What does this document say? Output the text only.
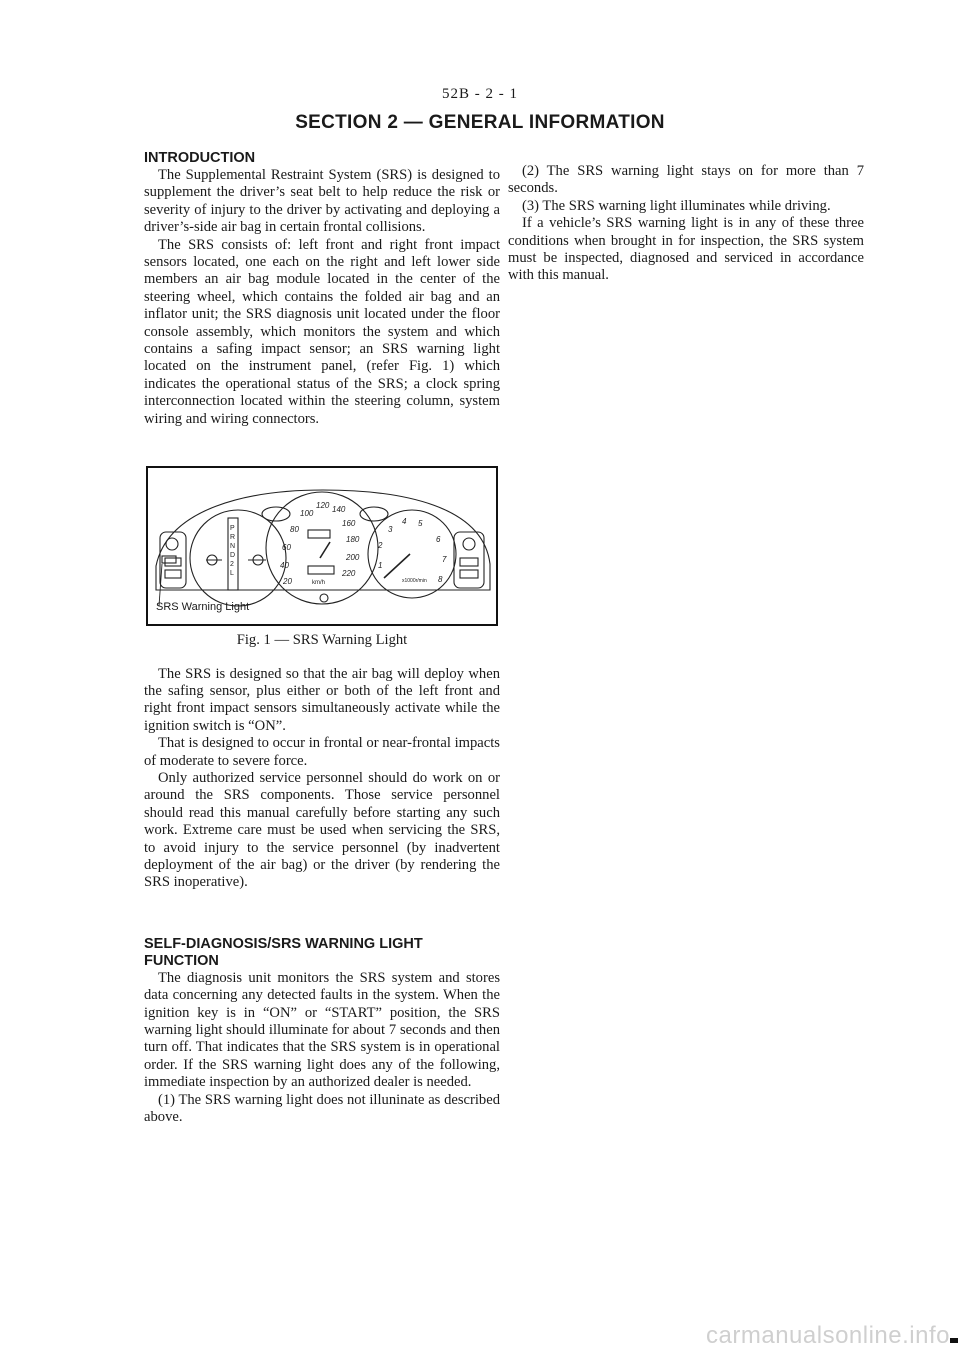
52B - 2 - 1
SECTION 2 — GENERAL INFORMATION
INTRODUCTION

The Supplemental Restraint System (SRS) is designed to supplement the driver’s seat belt to help reduce the risk or severity of injury to the driver by activating and deploying a driver’s-side air bag in certain frontal collisions.

The SRS consists of: left front and right front impact sensors located, one each on the right and left lower side members an air bag module located in the center of the steering wheel, which contains the folded air bag and an inflator unit; the SRS diagnosis unit located under the floor console assembly, which monitors the system and which contains a safing impact sensor; an SRS warning light located on the instrument panel, (refer Fig. 1) which indicates the operational status of the SRS; a clock spring interconnection located within the steering column, system wiring and wiring connectors.

P
R
N
D
2
L
20
40
60
80
100
120 140
160
180
200
220
km/h
1
2
3
4 5
6
7
8
x1000r/min
SRS Warning Light
Fig. 1 — SRS Warning Light

The SRS is designed so that the air bag will deploy when the safing sensor, plus either or both of the left front and right front impact sensors simultaneously activate while the ignition switch is “ON”.

That is designed to occur in frontal or near-frontal impacts of moderate to severe force.

Only authorized service personnel should do work on or around the SRS components. Those service personnel should read this manual carefully before starting any such work. Extreme care must be used when servicing the SRS, to avoid injury to the service personnel (by inadvertent deployment of the air bag) or the driver (by rendering the SRS inoperative).

SELF-DIAGNOSIS/SRS WARNING LIGHT
FUNCTION

The diagnosis unit monitors the SRS system and stores data concerning any detected faults in the system. When the ignition key is in “ON” or “START” position, the SRS warning light should illuminate for about 7 seconds and then turn off. That indicates that the SRS system is in operational order. If the SRS warning light does any of the following, immediate inspection by an authorized dealer is needed.

(1) The SRS warning light does not illuninate as described above.

(2) The SRS warning light stays on for more than 7 seconds.

(3) The SRS warning light illuminates while driving.

If a vehicle’s SRS warning light is in any of these three conditions when brought in for inspection, the SRS system must be inspected, diagnosed and serviced in accordance with this manual.

carmanualsonline.info
